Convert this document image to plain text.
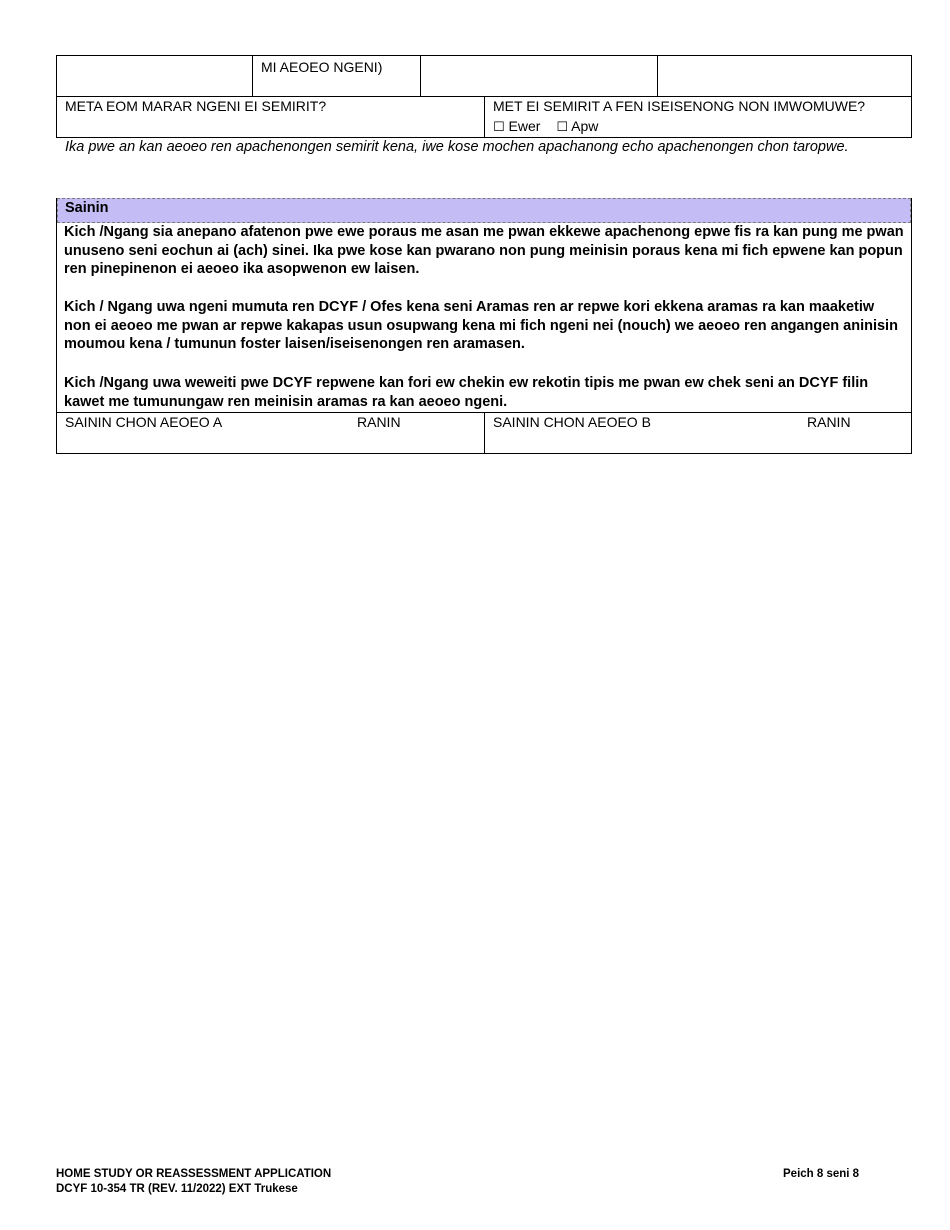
MI AEOEO NGENI)
META EOM MARAR NGENI EI SEMIRIT?	MET EI SEMIRIT A FEN ISEISENONG NON IMWOMUWE?
☐ Ewer ☐ Apw
Ika pwe an kan aeoeo ren apachenongen semirit kena, iwe kose mochen apachanong echo apachenongen chon taropwe.
Sainin
Kich /Ngang sia anepano afatenon pwe ewe poraus me asan me pwan ekkewe apachenong epwe fis ra kan pung me pwan unuseno seni eochun ai (ach) sinei. Ika pwe kose kan pwarano non pung meinisin poraus kena mi fich epwene kan popun ren pinepinenon ei aeoeo ika asopwenon ew laisen.
Kich / Ngang uwa ngeni mumuta ren DCYF / Ofes kena seni Aramas ren ar repwe kori ekkena aramas ra kan maaketiw non ei aeoeo me pwan ar repwe kakapas usun osupwang kena mi fich ngeni nei (nouch) we aeoeo ren angangen aninisin moumou kena / tumunun foster laisen/iseisenongen ren aramasen.
Kich /Ngang uwa weweiti pwe DCYF repwene kan fori ew chekin ew rekotin tipis me pwan ew chek seni an DCYF filin kawet me tumunungaw ren meinisin aramas ra kan aeoeo ngeni.
SAININ CHON AEOEO A	RANIN	SAININ CHON AEOEO B	RANIN
HOME STUDY OR REASSESSMENT APPLICATION
DCYF 10-354 TR (REV. 11/2022) EXT Trukese
Peich 8 seni 8
